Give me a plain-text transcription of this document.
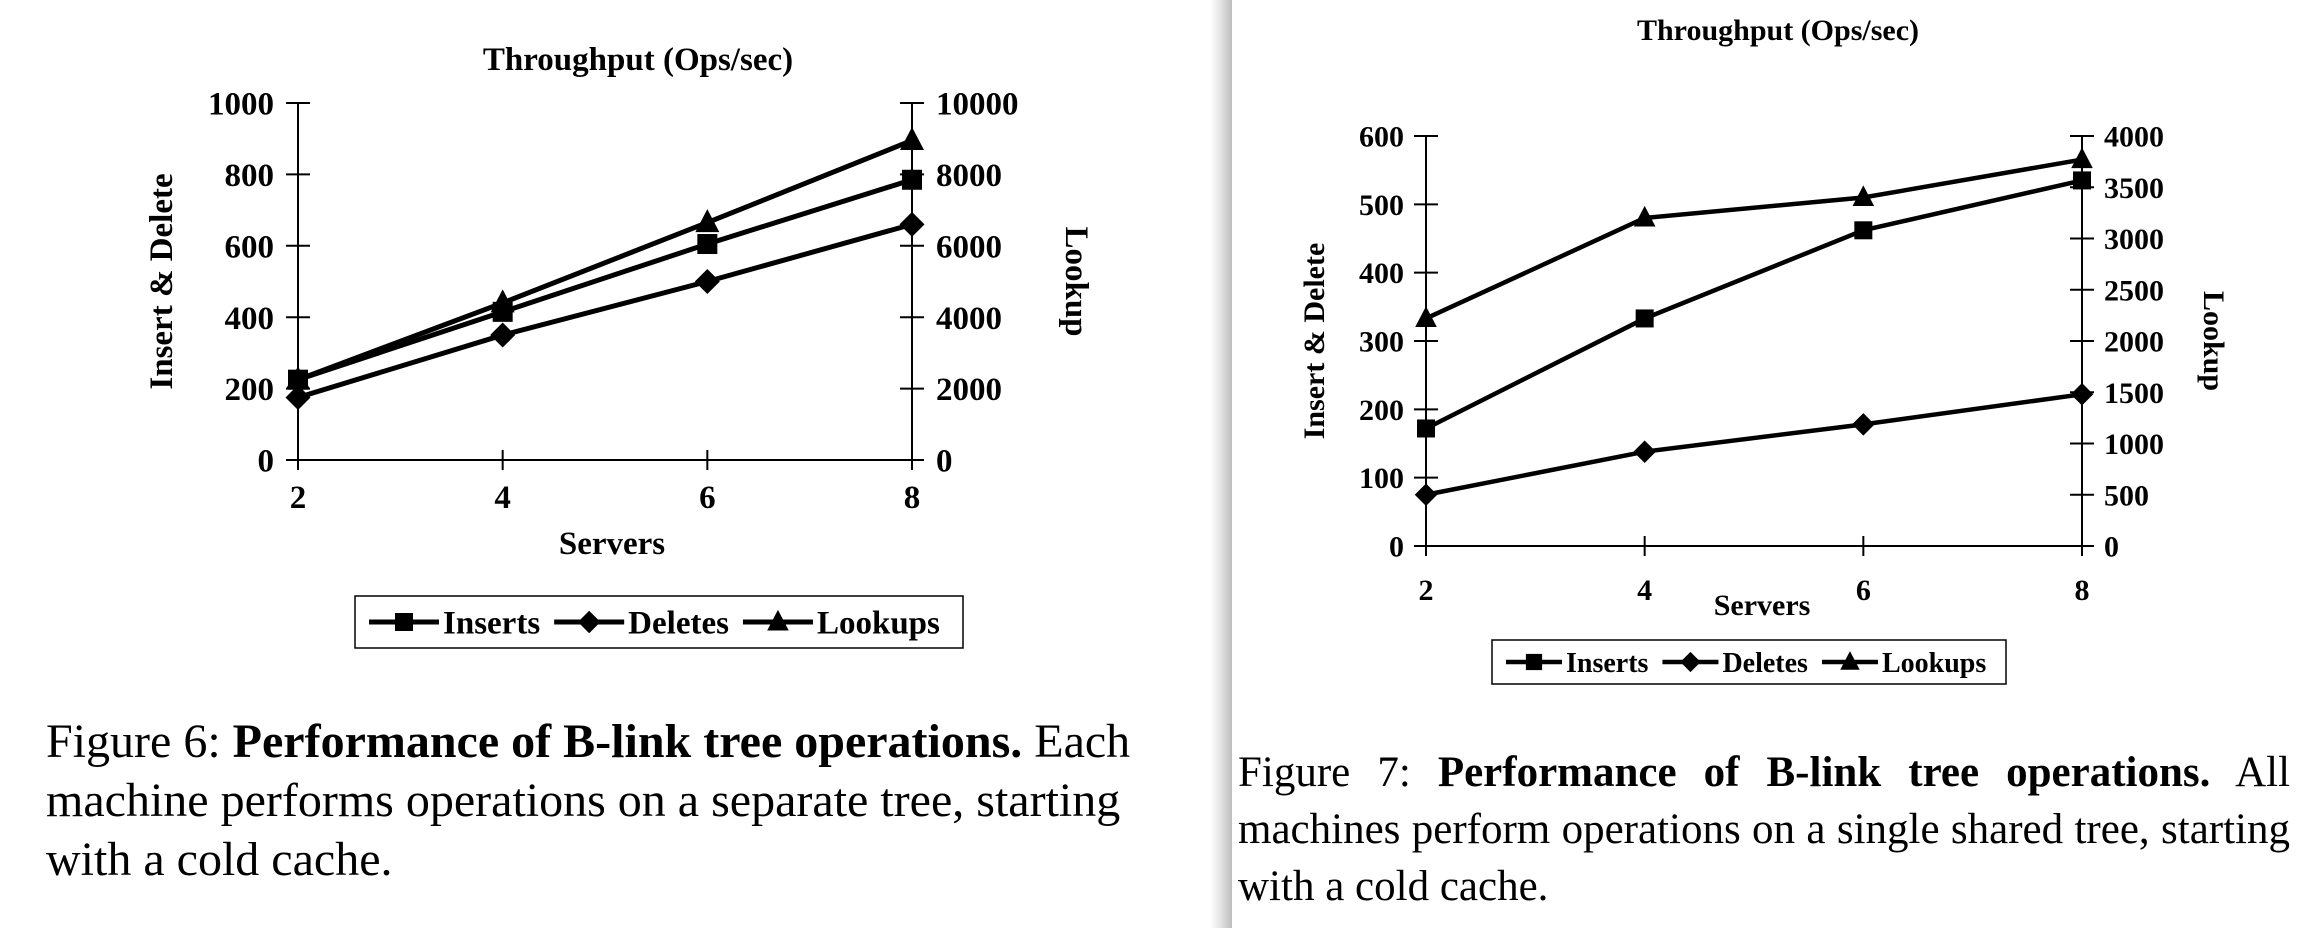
Throughput (Ops/sec)
0
200
400
600
800
1000
0
2000
4000
6000
8000
10000
2	4	6	8
Servers
Insert & Delete	Lookup
Inserts	Deletes	Lookups
Figure 6: Performance of B-link tree operations. Each machine performs operations on a separate tree, starting with a cold cache.
Throughput (Ops/sec)
0
100
200
300
400
500
600
0
500
1000
1500
2000
2500
3000
3500
4000
2	4	6	8
Servers
Insert & Delete	Lookup
Inserts	Deletes	Lookups
Figure 7: Performance of B-link tree operations. All machines perform operations on a single shared tree, starting with a cold cache.
